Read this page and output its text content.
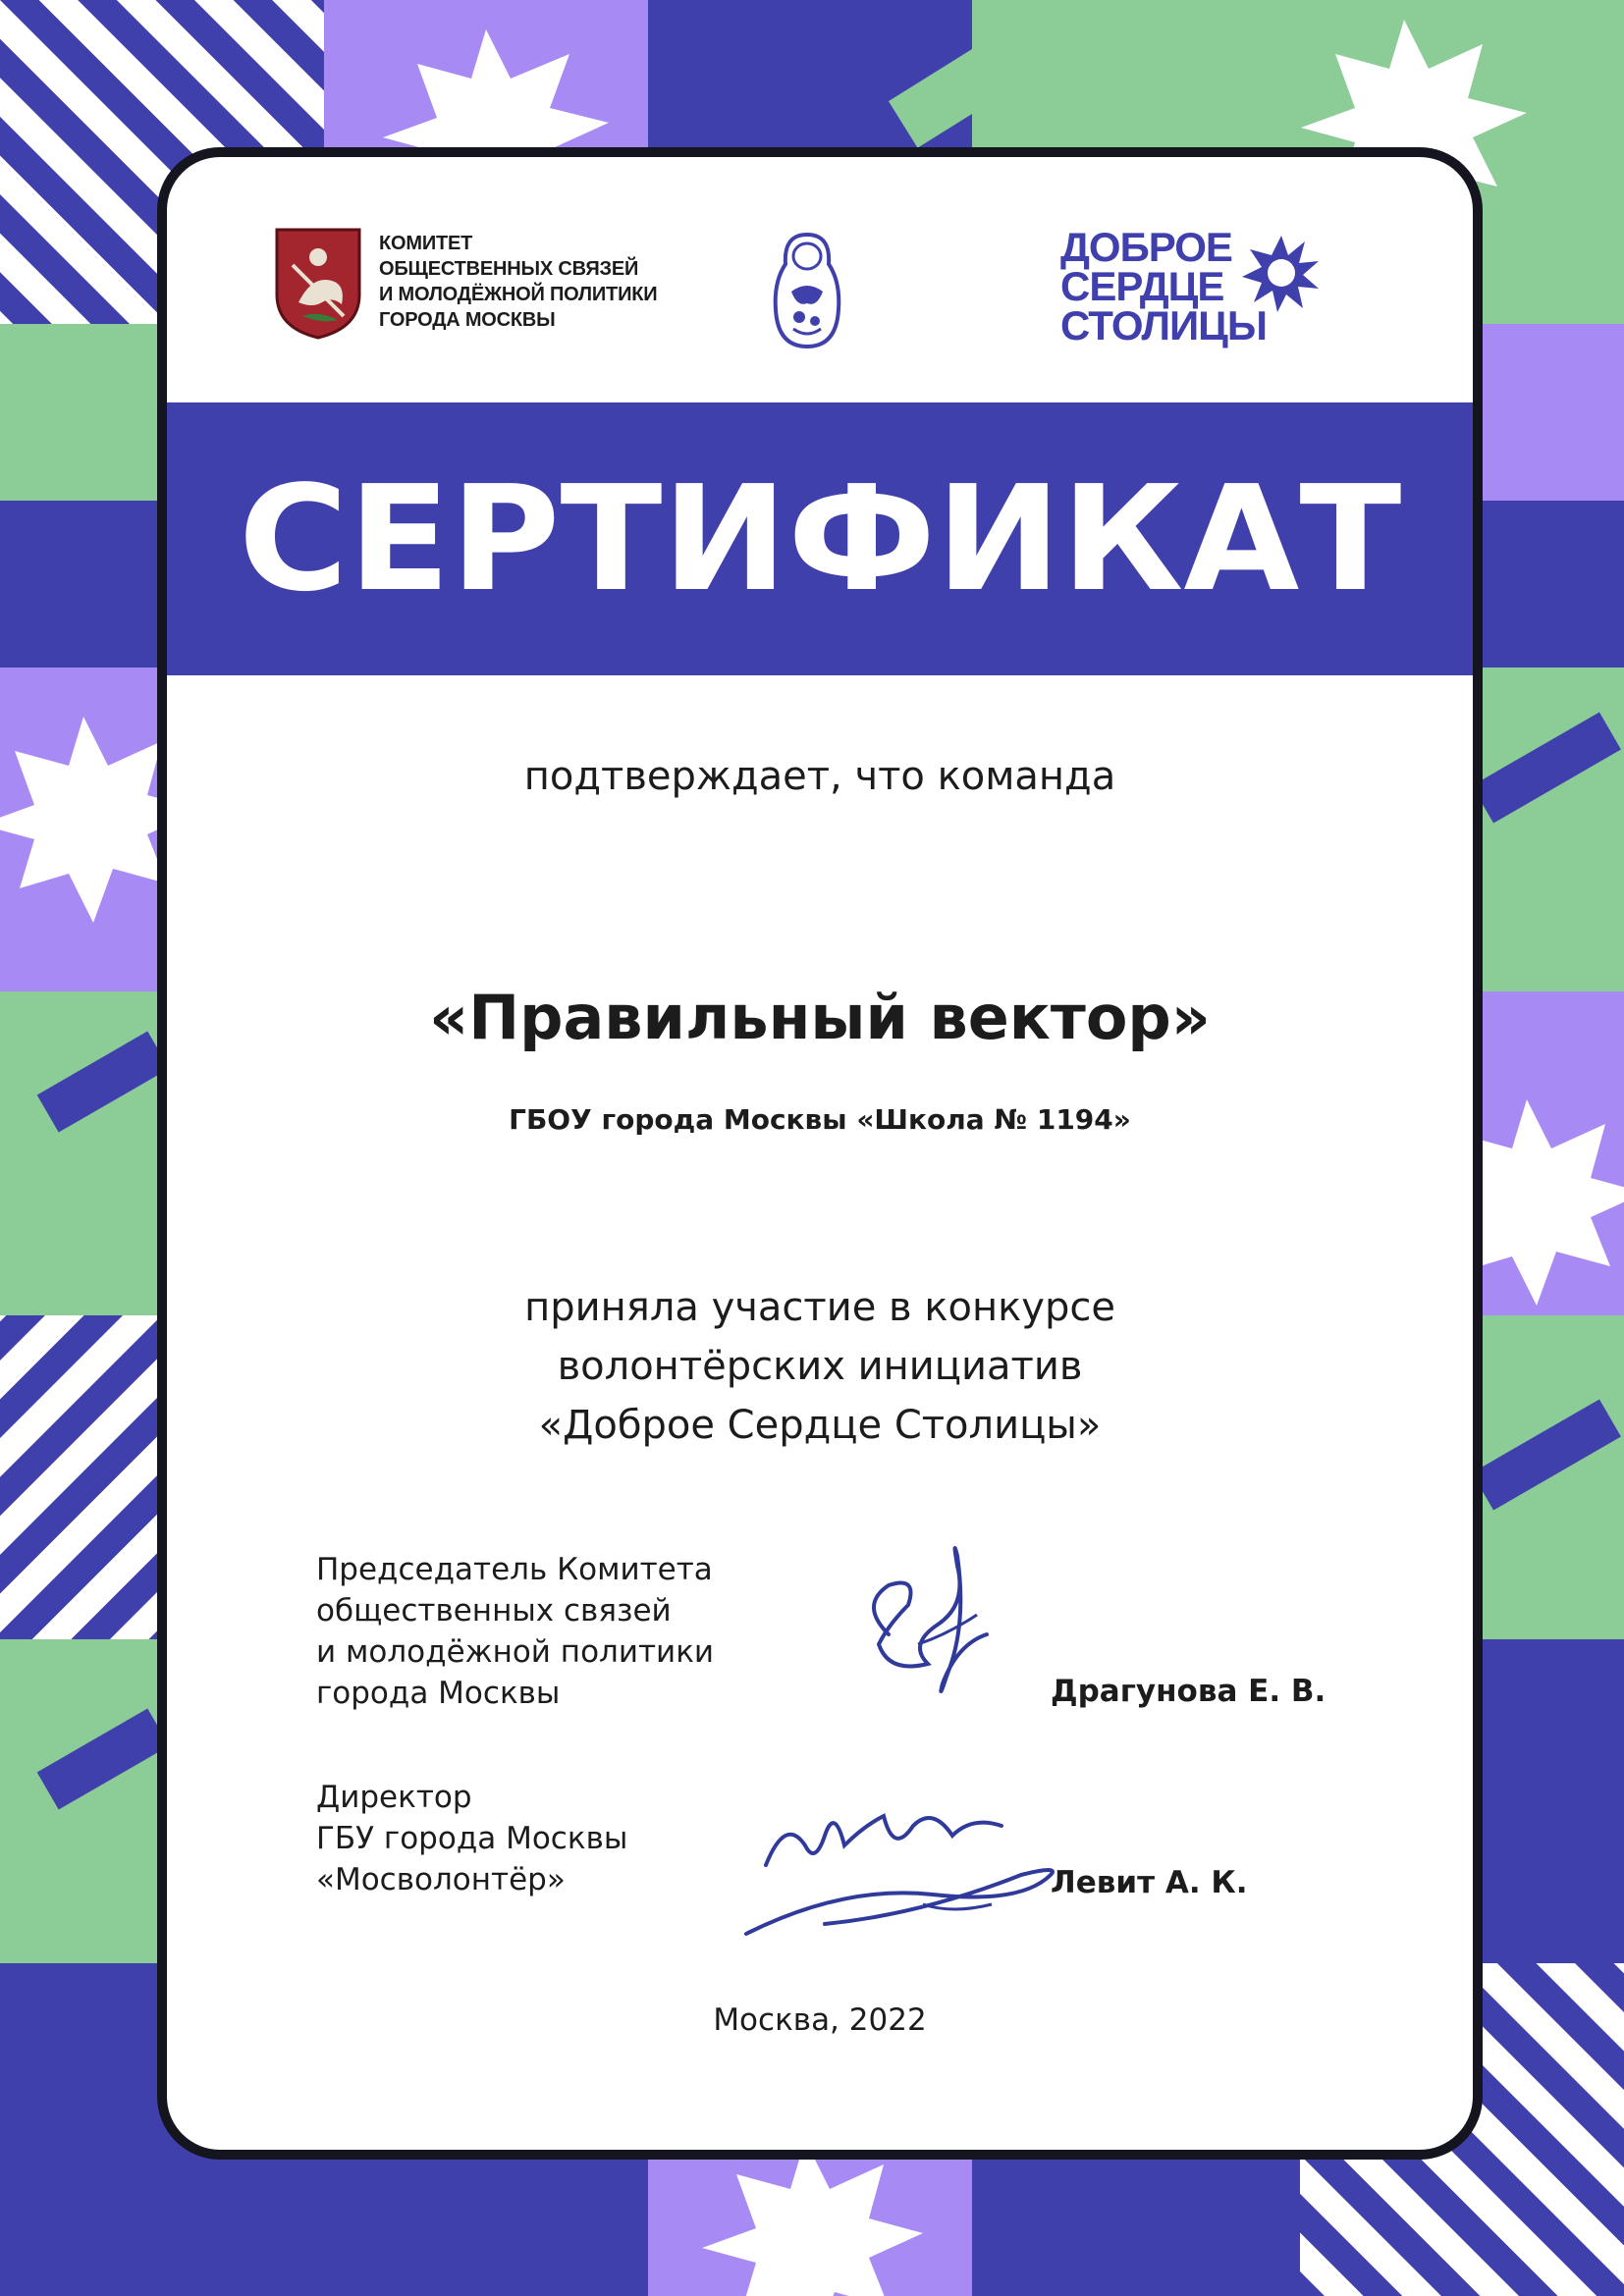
КОМИТЕТ
ОБЩЕСТВЕННЫХ СВЯЗЕЙ
И МОЛОДЁЖНОЙ ПОЛИТИКИ
ГОРОДА МОСКВЫ

ДОБРОЕ
СЕРДЦЕ
СТОЛИЦЫ

СЕРТИФИКАТ

подтверждает, что команда

«Правильный вектор»

ГБОУ города Москвы «Школа № 1194»

приняла участие в конкурсе
волонтёрских инициатив
«Доброе Сердце Столицы»

Председатель Комитета
общественных связей
и молодёжной политики
города Москвы	Драгунова Е. В.

Директор
ГБУ города Москвы
«Мосволонтёр»	Левит А. К.

Москва, 2022
